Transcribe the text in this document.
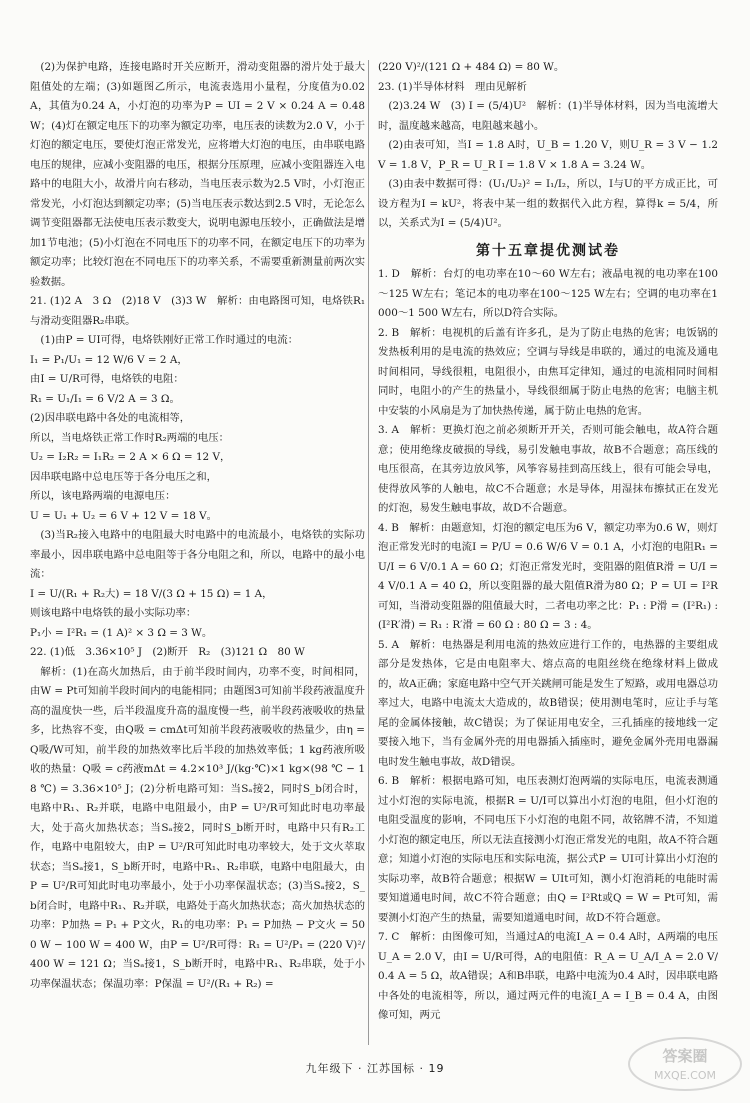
(2)为保护电路，连接电路时开关应断开，滑动变阻器的滑片处于最大阻值处的左端；(3)如题图乙所示，电流表选用小量程，分度值为0.02 A，其值为0.24 A，小灯泡的功率为P = UI = 2 V × 0.24 A = 0.48 W；(4)灯在额定电压下的功率为额定功率，电压表的读数为2.0 V，小于灯泡的额定电压，要使灯泡正常发光，应将增大灯泡的电压，由串联电路电压的规律，应减小变阻器的电压，根据分压原理，应减小变阻器连入电路中的电阻大小，故滑片向右移动，当电压表示数为2.5 V时，小灯泡正常发光，小灯泡达到额定功率；(5)当电压表示数达到2.5 V时，无论怎么调节变阻器都无法使电压表示数变大，说明电源电压较小，正确做法是增加1节电池；(5)小灯泡在不同电压下的功率不同，在额定电压下的功率为额定功率；比较灯泡在不同电压下的功率关系，不需要重新测量前两次实验数据。

21. (1)2 A　3 Ω　(2)18 V　(3)3 W　解析：由电路图可知，电烙铁R₁与滑动变阻器R₂串联。

(1)由P = UI可得，电烙铁刚好正常工作时通过的电流：

I₁ = P₁/U₁ = 12 W/6 V = 2 A，

由I = U/R可得，电烙铁的电阻：

R₁ = U₁/I₁ = 6 V/2 A = 3 Ω。

(2)因串联电路中各处的电流相等，

所以，当电烙铁正常工作时R₂两端的电压：

U₂ = I₂R₂ = I₁R₂ = 2 A × 6 Ω = 12 V，

因串联电路中总电压等于各分电压之和，

所以，该电路两端的电源电压：

U = U₁ + U₂ = 6 V + 12 V = 18 V。

(3)当R₂接入电路中的电阻最大时电路中的电流最小，电烙铁的实际功率最小，因串联电路中总电阻等于各分电阻之和，所以，电路中的最小电流：

I = U/(R₁ + R₂大) = 18 V/(3 Ω + 15 Ω) = 1 A，

则该电路中电烙铁的最小实际功率：

P₁小 = I²R₁ = (1 A)² × 3 Ω = 3 W。

22. (1)低　3.36×10⁵ J　(2)断开　R₂　(3)121 Ω　80 W

解析：(1)在高火加热后，由于前半段时间内，功率不变，时间相同，由W = Pt可知前半段时间内的电能相同；由题图3可知前半段药液温度升高的温度快一些，后半段温度升高的温度慢一些，前半段药液吸收的热量多，比热容不变，由Q吸 = cmΔt可知前半段药液吸收的热量少，由η = Q吸/W可知，前半段的加热效率比后半段的加热效率低；1 kg药液所吸收的热量：Q吸 = c药液mΔt = 4.2×10³ J/(kg·℃)×1 kg×(98 ℃ − 18 ℃) = 3.36×10⁵ J；(2)分析电路可知：当Sₐ接2，同时S_b闭合时，电路中R₁、R₂并联，电路中电阻最小，由P = U²/R可知此时电功率最大，处于高火加热状态；当Sₐ接2，同时S_b断开时，电路中只有R₂工作，电路中电阻较大，由P = U²/R可知此时电功率较大，处于文火萃取状态；当Sₐ接1，S_b断开时，电路中R₁、R₂串联，电路中电阻最大，由P = U²/R可知此时电功率最小，处于小功率保温状态；(3)当Sₐ接2，S_b闭合时，电路中R₁、R₂并联，电路处于高火加热状态；高火加热状态的功率：P加热 = P₁ + P文火，R₁的电功率：P₁ = P加热 − P文火 = 500 W − 100 W = 400 W，由P = U²/R可得：R₁ = U²/P₁ = (220 V)²/400 W = 121 Ω；当Sₐ接1，S_b断开时，电路中R₁、R₂串联，处于小功率保温状态；保温功率：P保温 = U²/(R₁ + R₂) =

(220 V)²/(121 Ω + 484 Ω) = 80 W。

23. (1)半导体材料　理由见解析

(2)3.24 W　(3) I = (5/4)U²　解析：(1)半导体材料，因为当电流增大时，温度越来越高，电阻越来越小。

(2)由表可知，当I = 1.8 A时，U_B = 1.20 V，则U_R = 3 V − 1.2 V = 1.8 V，P_R = U_R I = 1.8 V × 1.8 A = 3.24 W。

(3)由表中数据可得：(U₁/U₂)² = I₁/I₂，所以，I与U的平方成正比，可设方程为I = kU²，将表中某一组的数据代入此方程，算得k = 5/4，所以，关系式为I = (5/4)U²。

第十五章提优测试卷

1. D　解析：台灯的电功率在10～60 W左右；液晶电视的电功率在100～125 W左右；笔记本的电功率在100～125 W左右；空调的电功率在1 000～1 500 W左右，所以D符合实际。

2. B　解析：电视机的后盖有许多孔，是为了防止电热的危害；电饭锅的发热板利用的是电流的热效应；空调与导线是串联的，通过的电流及通电时间相同，导线很粗，电阻很小，由焦耳定律知，通过的电流相同时间相同时，电阻小的产生的热量小，导线很细属于防止电热的危害；电脑主机中安装的小风扇是为了加快热传递，属于防止电热的危害。

3. A　解析：更换灯泡之前必须断开开关，否则可能会触电，故A符合题意；使用绝缘皮破损的导线，易引发触电事故，故B不合题意；高压线的电压很高，在其旁边放风筝，风筝容易挂到高压线上，很有可能会导电，使得放风筝的人触电，故C不合题意；水是导体，用湿抹布擦拭正在发光的灯泡，易发生触电事故，故D不合题意。

4. B　解析：由题意知，灯泡的额定电压为6 V，额定功率为0.6 W，则灯泡正常发光时的电流I = P/U = 0.6 W/6 V = 0.1 A，小灯泡的电阻R₁ = U/I = 6 V/0.1 A = 60 Ω；灯泡正常发光时，变阻器的阻值R滑 = U/I = 4 V/0.1 A = 40 Ω，所以变阻器的最大阻值R滑为80 Ω；P = UI = I²R可知，当滑动变阻器的阻值最大时，二者电功率之比：P₁ : P滑 = (I²R₁) : (I²R′滑) = R₁ : R′滑 = 60 Ω : 80 Ω = 3 : 4。

5. A　解析：电热器是利用电流的热效应进行工作的，电热器的主要组成部分是发热体，它是由电阻率大、熔点高的电阻丝绕在绝缘材料上做成的，故A正确；家庭电路中空气开关跳闸可能是发生了短路，或用电器总功率过大，电路中电流太大造成的，故B错误；使用测电笔时，应让手与笔尾的金属体接触，故C错误；为了保证用电安全，三孔插座的接地线一定要接入地下，当有金属外壳的用电器插入插座时，避免金属外壳用电器漏电时发生触电事故，故D错误。

6. B　解析：根据电路可知，电压表测灯泡两端的实际电压，电流表测通过小灯泡的实际电流，根据R = U/I可以算出小灯泡的电阻，但小灯泡的电阻受温度的影响，不同电压下小灯泡的电阻不同，故铭牌不清，不知道小灯泡的额定电压，所以无法直接测小灯泡正常发光的电阻，故A不符合题意；知道小灯泡的实际电压和实际电流，据公式P = UI可计算出小灯泡的实际功率，故B符合题意；根据W = UIt可知，测小灯泡消耗的电能时需要知道通电时间，故C不符合题意；由Q = I²Rt或Q = W = Pt可知，需要测小灯泡产生的热量，需要知道通电时间，故D不符合题意。

7. C　解析：由图像可知，当通过A的电流I_A = 0.4 A时，A两端的电压U_A = 2.0 V，由I = U/R可得，A的电阻值：R_A = U_A/I_A = 2.0 V/0.4 A = 5 Ω，故A错误；A和B串联，电路中电流为0.4 A时，因串联电路中各处的电流相等，所以，通过两元件的电流I_A = I_B = 0.4 A，由图像可知，两元

九年级下 · 江苏国标 · 19
答案圈
MXQE.COM
